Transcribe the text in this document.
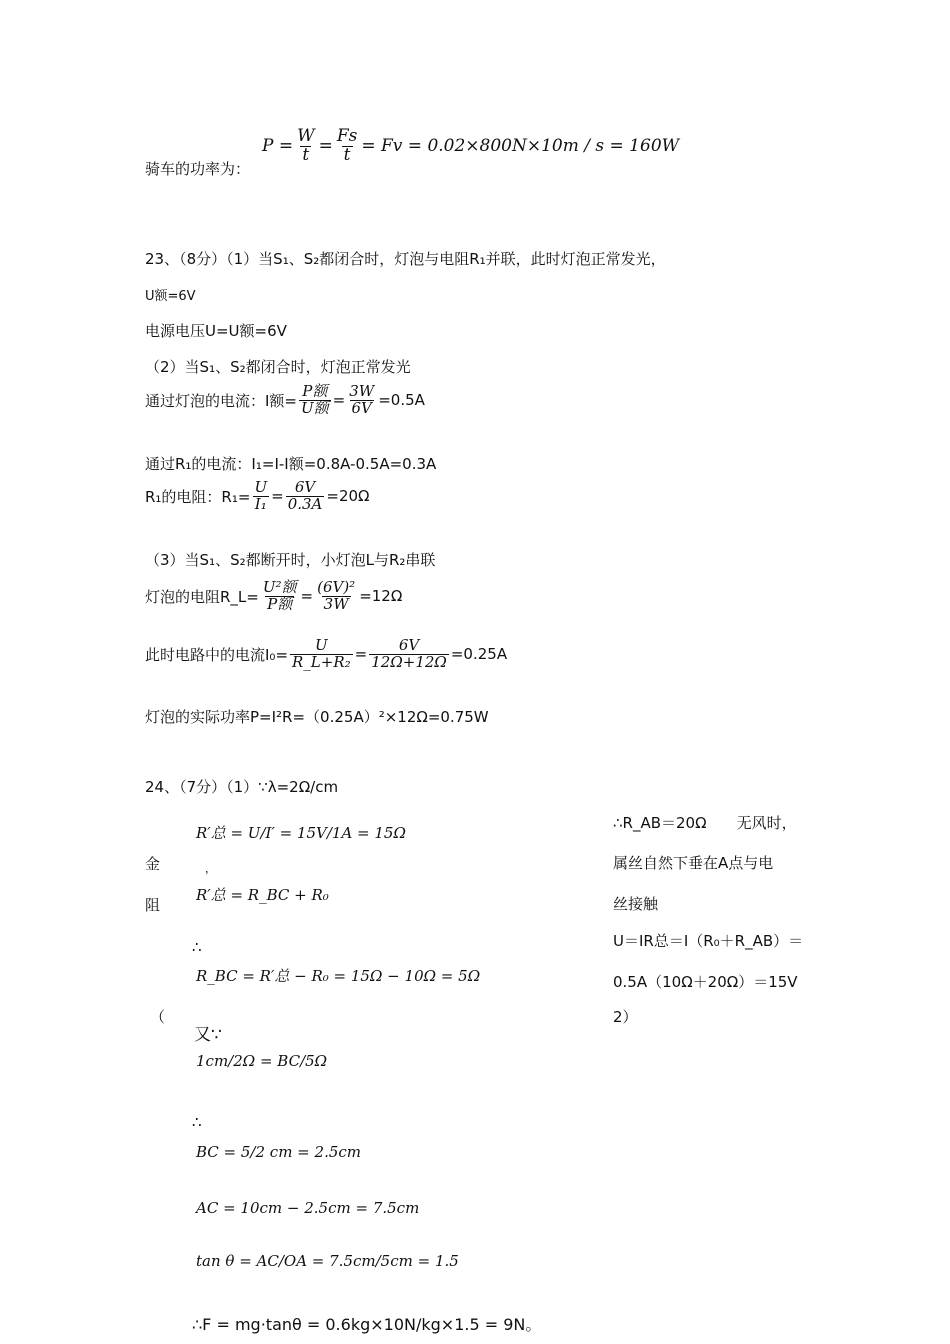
骑车的功率为：
$P = \frac{W}{t} = \frac{Fs}{t} = Fv = 0.02\times 800N\times 10m / s = 160W$
23、（8分）（1）当S₁、S₂都闭合时，灯泡与电阻R₁并联，此时灯泡正常发光，
U额=6V
电源电压U=U额=6V
（2）当S₁、S₂都闭合时，灯泡正常发光
通过灯泡的电流：I额= $\frac{\text{P额}}{\text{U额}} = \frac{3W}{6V} =0.5A$
通过R₁的电流：I₁=I-I额=0.8A-0.5A=0.3A
R₁的电阻：$R_1= \frac{U}{\text{I₁}} = \frac{6V}{0.3A} =20\Omega$
（3）当S₁、S₂都断开时，小灯泡L与R₂串联
灯泡的电阻R_L= $\frac{\text{U²额}}{\text{P额}} = \frac{\text{(6V)²}}{3W} =12\Omega$
此时电路中的电流$I_0= \frac{U}{\text{R\_L+R₂}} = \frac{6V}{12\Omega+12\Omega} =0.25A$
灯泡的实际功率P=I²R=（0.25A）²×12Ω=0.75W
24、（7分）（1）∵λ=2Ω/cm
金
阻
（
，
R′总 = U/I′ = 15V/1A = 15Ω
R′总 = R_BC + R₀
∴
R_BC = R′总 − R₀ = 15Ω − 10Ω = 5Ω
又∵
1cm/2Ω = BC/5Ω
∴
BC = 5/2 cm = 2.5cm
AC = 10cm − 2.5cm = 7.5cm
tan θ = AC/OA = 7.5cm/5cm = 1.5
∴F = mg·tanθ = 0.6kg×10N/kg×1.5 = 9N。
∴R_AB＝20Ω　　无风时，
属丝自然下垂在A点与电
丝接触
U＝IR总＝I（R₀＋R_AB）＝
0.5A（10Ω＋20Ω）＝15V
2）
